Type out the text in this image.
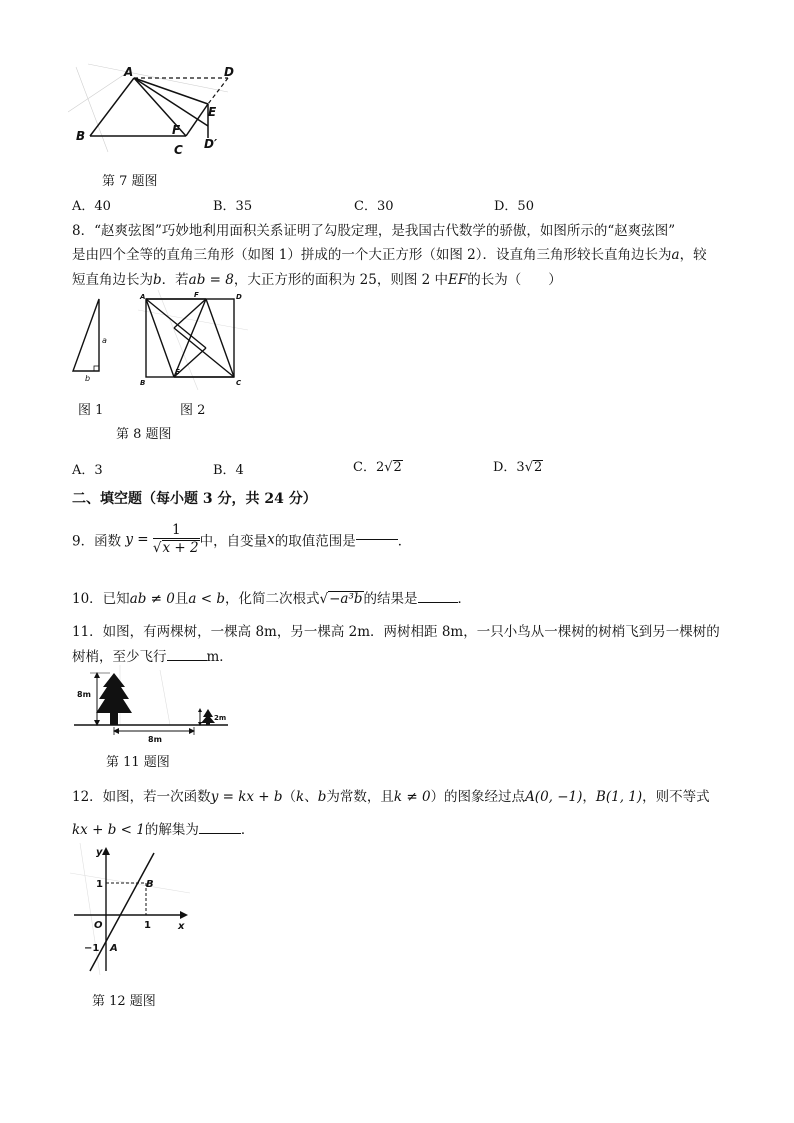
A	D
E
B	F
C D′
第 7 题图
A．40	B．35	C．30	D．50
8．“赵爽弦图”巧妙地利用面积关系证明了勾股定理，是我国古代数学的骄傲，如图所示的“赵爽弦图”
是由四个全等的直角三角形（如图 1）拼成的一个大正方形（如图 2）．设直角三角形较长直角边长为a，较
短直角边长为b．若ab = 8，大正方形的面积为 25，则图 2 中EF的长为（　　）
a
b
A	F	D
B
E
C
图 1	图 2
第 8 题图
A．3	B．4	C．2√2	D．3√2
二、填空题（每小题 3 分，共 24 分）
9．函数 $y = \frac{1}{√x + 2}$ 中，自变量x的取值范围是	．
10．已知ab ≠ 0且a < b，化简二次根式√−a³b的结果是	．
11．如图，有两棵树，一棵高 8m，另一棵高 2m．两树相距 8m，一只小鸟从一棵树的树梢飞到另一棵树的
树梢，至少飞行	m．
8m
2m
8m
第 11 题图
12．如图，若一次函数y = kx + b（k、b为常数，且k ≠ 0）的图象经过点A(0, −1)，B(1, 1)，则不等式
kx + b < 1的解集为	．
y
x
1	B
O	1
−1 A
第 12 题图
